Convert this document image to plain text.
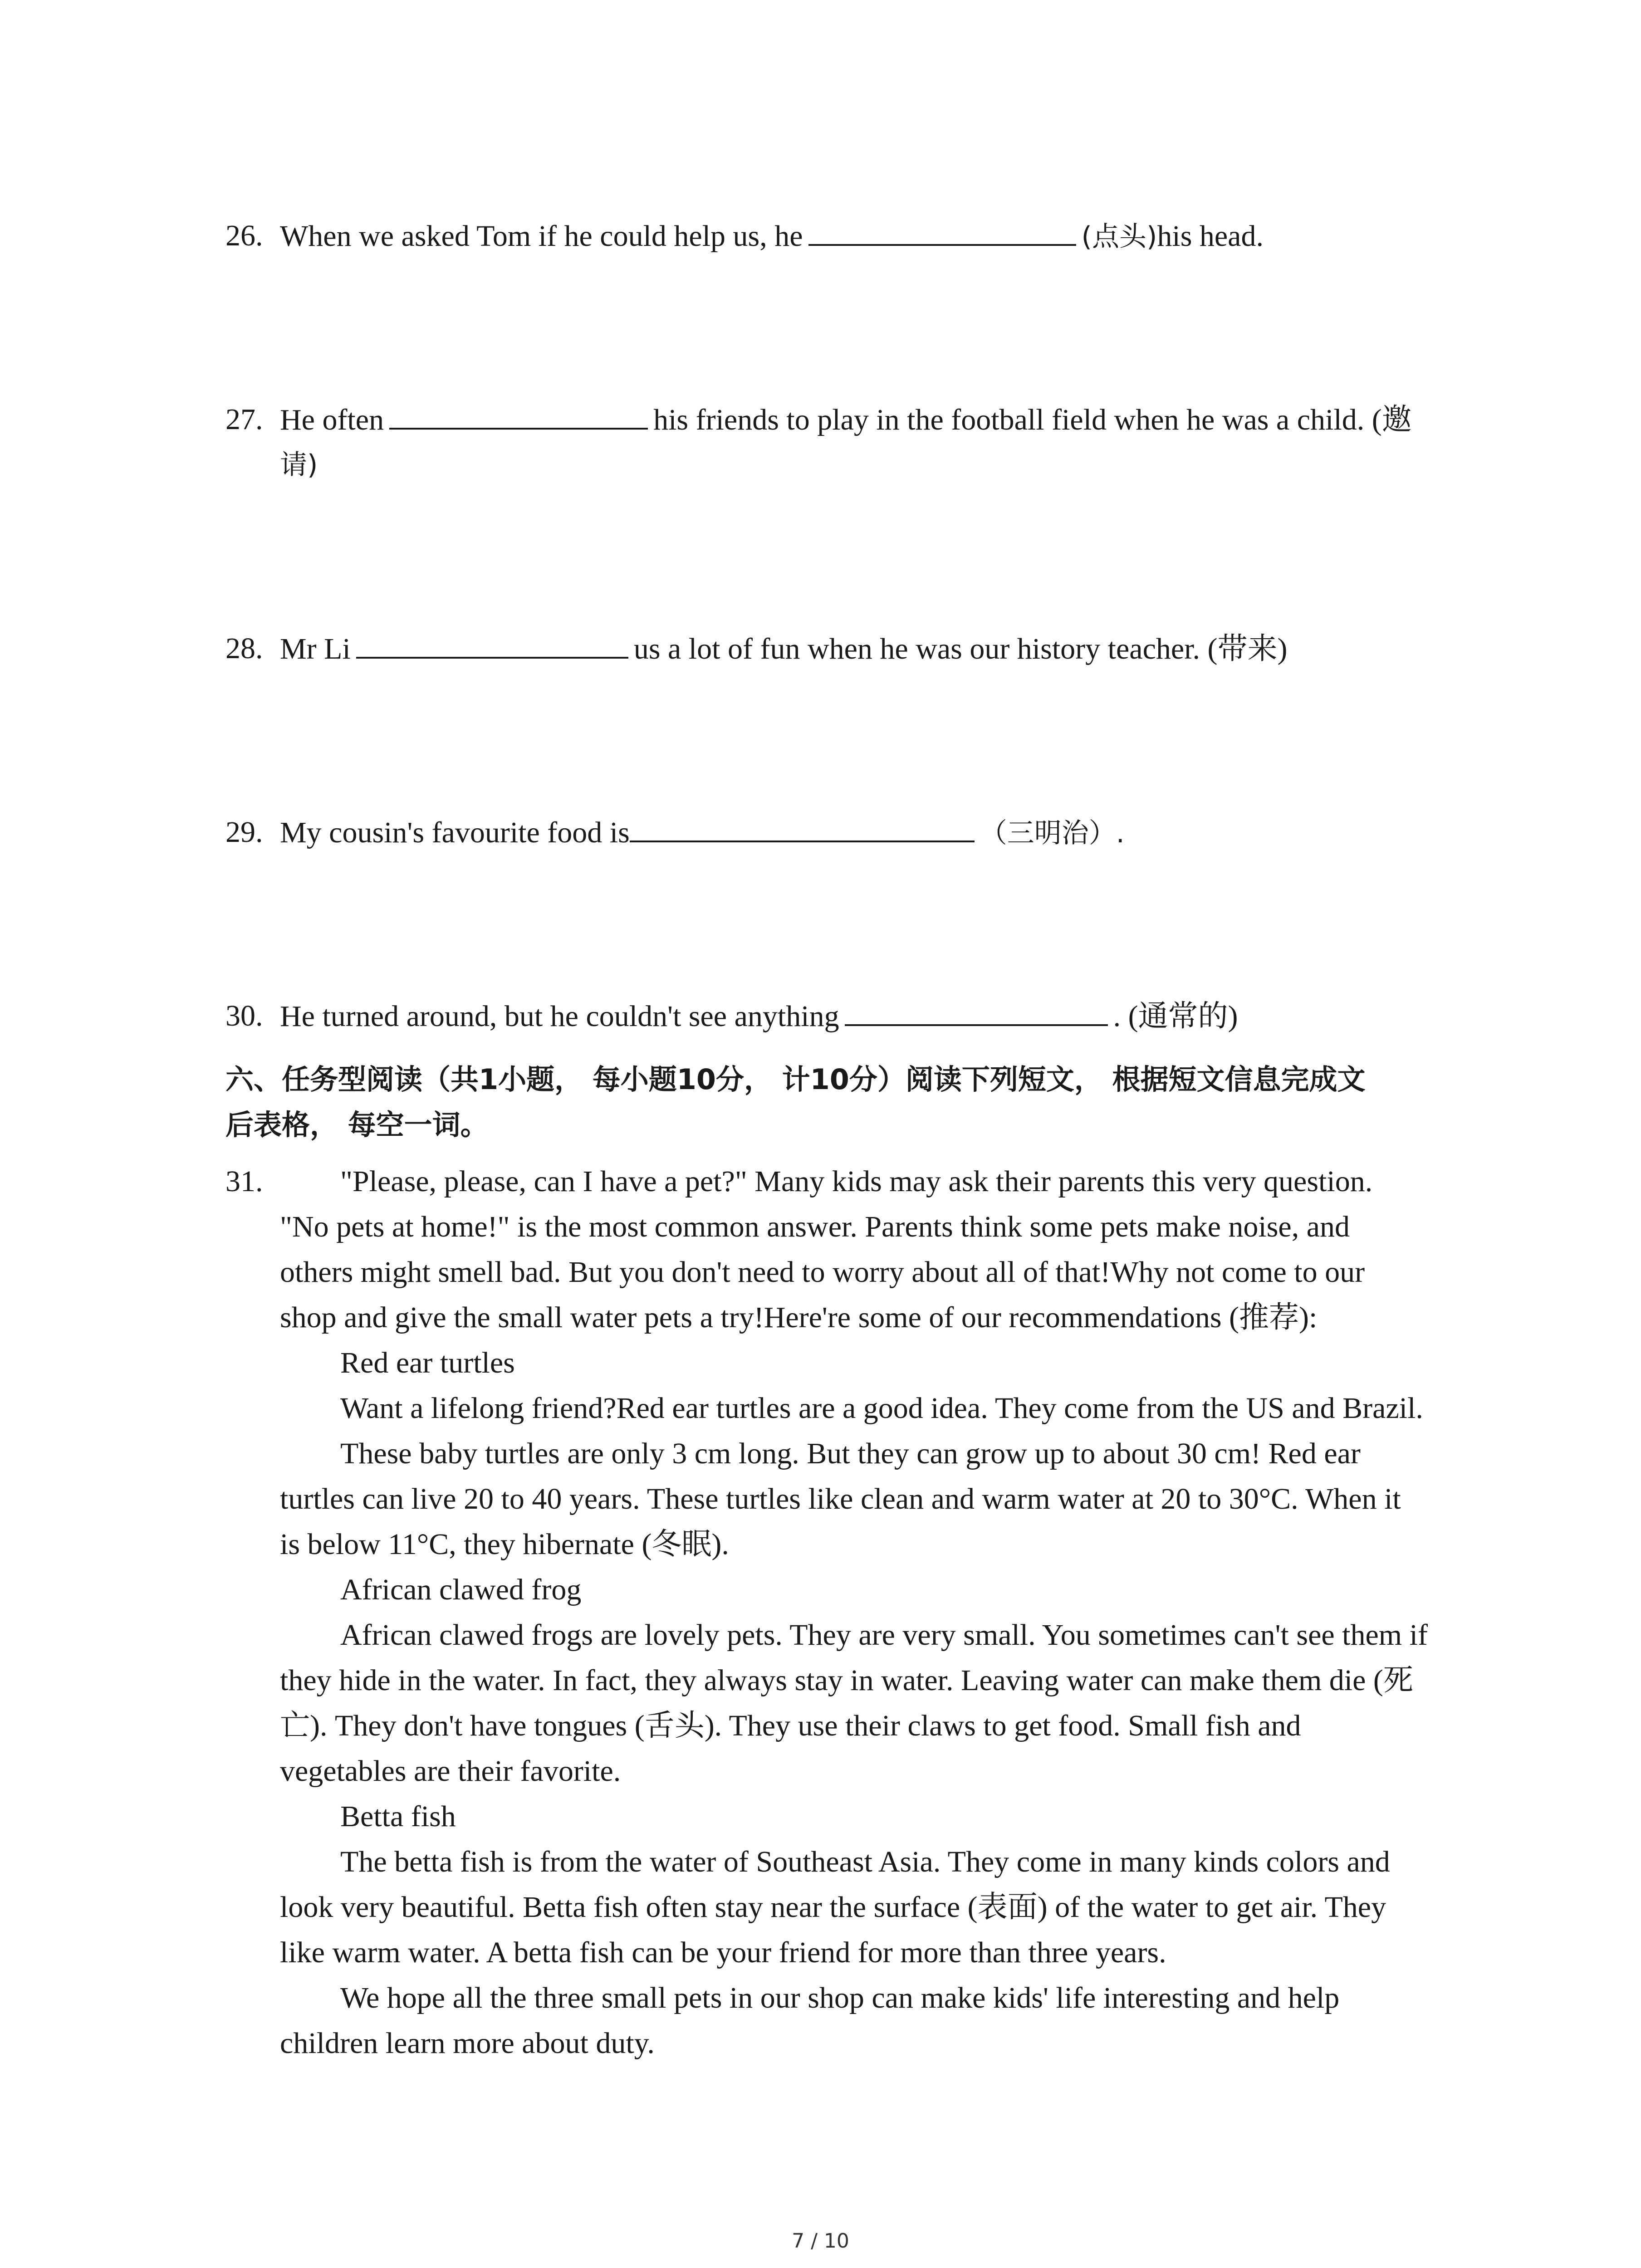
26. When we asked Tom if he could help us, he	(点头)his head.
27. He often	his friends to play in the football field when he was a child. (邀
请)
28. Mr Li	us a lot of fun when he was our history teacher. (带来)
29. My cousin's favourite food is	（三明治）.
30. He turned around, but he couldn't see anything	. (通常的)
六、任务型阅读（共1小题， 每小题10分， 计10分）阅读下列短文， 根据短文信息完成文
后表格， 每空一词。
31.	"Please, please, can I have a pet?" Many kids may ask their parents this very question.
"No pets at home!" is the most common answer. Parents think some pets make noise, and
others might smell bad. But you don't need to worry about all of that!Why not come to our
shop and give the small water pets a try!Here're some of our recommendations (推荐):
Red ear turtles
Want a lifelong friend?Red ear turtles are a good idea. They come from the US and Brazil.
These baby turtles are only 3 cm long. But they can grow up to about 30 cm! Red ear
turtles can live 20 to 40 years. These turtles like clean and warm water at 20 to 30°C. When it
is below 11°C, they hibernate (冬眠).
African clawed frog
African clawed frogs are lovely pets. They are very small. You sometimes can't see them if
they hide in the water. In fact, they always stay in water. Leaving water can make them die (死
亡). They don't have tongues (舌头). They use their claws to get food. Small fish and
vegetables are their favorite.
Betta fish
The betta fish is from the water of Southeast Asia. They come in many kinds colors and
look very beautiful. Betta fish often stay near the surface (表面) of the water to get air. They
like warm water. A betta fish can be your friend for more than three years.
We hope all the three small pets in our shop can make kids' life interesting and help
children learn more about duty.
7 / 10
